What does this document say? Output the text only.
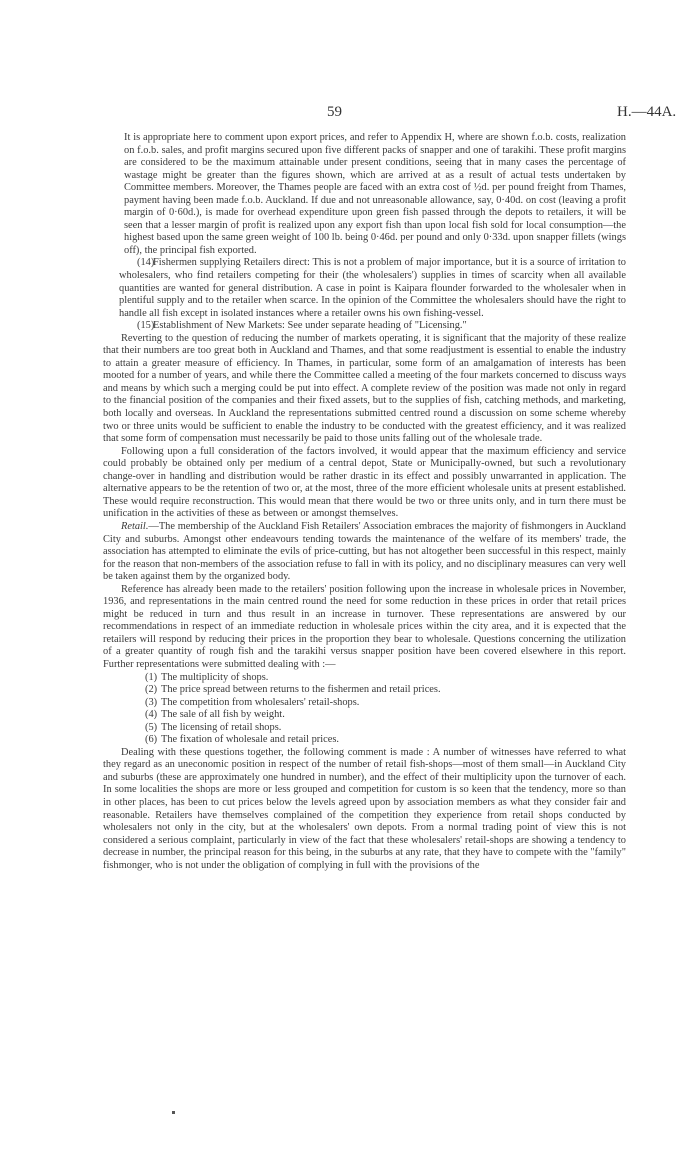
59	H.—44A.

It is appropriate here to comment upon export prices, and refer to Appendix H, where are shown f.o.b. costs, realization on f.o.b. sales, and profit margins secured upon five different packs of snapper and one of tarakihi. These profit margins are considered to be the maximum attainable under present conditions, seeing that in many cases the percentage of wastage might be greater than the figures shown, which are arrived at as a result of actual tests undertaken by Committee members. Moreover, the Thames people are faced with an extra cost of ½d. per pound freight from Thames, payment having been made f.o.b. Auckland. If due and not unreasonable allowance, say, 0·40d. on cost (leaving a profit margin of 0·60d.), is made for overhead expenditure upon green fish passed through the depots to retailers, it will be seen that a lesser margin of profit is realized upon any export fish than upon local fish sold for local consumption—the highest based upon the same green weight of 100 lb. being 0·46d. per pound and only 0·33d. upon snapper fillets (wings off), the principal fish exported.

(14)Fishermen supplying Retailers direct: This is not a problem of major importance, but it is a source of irritation to wholesalers, who find retailers competing for their (the wholesalers') supplies in times of scarcity when all available quantities are wanted for general distribution. A case in point is Kaipara flounder forwarded to the wholesaler when in plentiful supply and to the retailer when scarce. In the opinion of the Committee the wholesalers should have the right to handle all fish except in isolated instances where a retailer owns his own fishing-vessel.

(15)Establishment of New Markets: See under separate heading of "Licensing."

Reverting to the question of reducing the number of markets operating, it is significant that the majority of these realize that their numbers are too great both in Auckland and Thames, and that some readjustment is essential to enable the industry to attain a greater measure of efficiency. In Thames, in particular, some form of an amalgamation of interests has been mooted for a number of years, and while there the Committee called a meeting of the four markets concerned to discuss ways and means by which such a merging could be put into effect. A complete review of the position was made not only in regard to the financial position of the companies and their fixed assets, but to the supplies of fish, catching methods, and marketing, both locally and overseas. In Auckland the representations submitted centred round a discussion on some scheme whereby two or three units would be sufficient to enable the industry to be conducted with the greatest efficiency, and it was realized that some form of compensation must necessarily be paid to those units falling out of the wholesale trade.

Following upon a full consideration of the factors involved, it would appear that the maximum efficiency and service could probably be obtained only per medium of a central depot, State or Municipally-owned, but such a revolutionary change-over in handling and distribution would be rather drastic in its effect and possibly unwarranted in application. The alternative appears to be the retention of two or, at the most, three of the more efficient wholesale units at present established. These would require reconstruction. This would mean that there would be two or three units only, and in turn there must be unification in the activities of these as between or amongst themselves.

Retail.—The membership of the Auckland Fish Retailers' Association embraces the majority of fishmongers in Auckland City and suburbs. Amongst other endeavours tending towards the maintenance of the welfare of its members' trade, the association has attempted to eliminate the evils of price-cutting, but has not altogether been successful in this respect, mainly for the reason that non-members of the association refuse to fall in with its policy, and no disciplinary measures can very well be taken against them by the organized body.

Reference has already been made to the retailers' position following upon the increase in wholesale prices in November, 1936, and representations in the main centred round the need for some reduction in these prices in order that retail prices might be reduced in turn and thus result in an increase in turnover. These representations are answered by our recommendations in respect of an immediate reduction in wholesale prices within the city area, and it is expected that the retailers will respond by reducing their prices in the proportion they bear to wholesale. Questions concerning the utilization of a greater quantity of rough fish and the tarakihi versus snapper position have been covered elsewhere in this report. Further representations were submitted dealing with :—

(1) The multiplicity of shops.
(2) The price spread between returns to the fishermen and retail prices.
(3) The competition from wholesalers' retail-shops.
(4) The sale of all fish by weight.
(5) The licensing of retail shops.
(6) The fixation of wholesale and retail prices.

Dealing with these questions together, the following comment is made : A number of witnesses have referred to what they regard as an uneconomic position in respect of the number of retail fish-shops—most of them small—in Auckland City and suburbs (these are approximately one hundred in number), and the effect of their multiplicity upon the turnover of each. In some localities the shops are more or less grouped and competition for custom is so keen that the tendency, more so than in other places, has been to cut prices below the levels agreed upon by association members as what they consider fair and reasonable. Retailers have themselves complained of the competition they experience from retail shops conducted by wholesalers not only in the city, but at the wholesalers' own depots. From a normal trading point of view this is not considered a serious complaint, particularly in view of the fact that these wholesalers' retail-shops are showing a tendency to decrease in number, the principal reason for this being, in the suburbs at any rate, that they have to compete with the "family" fishmonger, who is not under the obligation of complying in full with the provisions of the
